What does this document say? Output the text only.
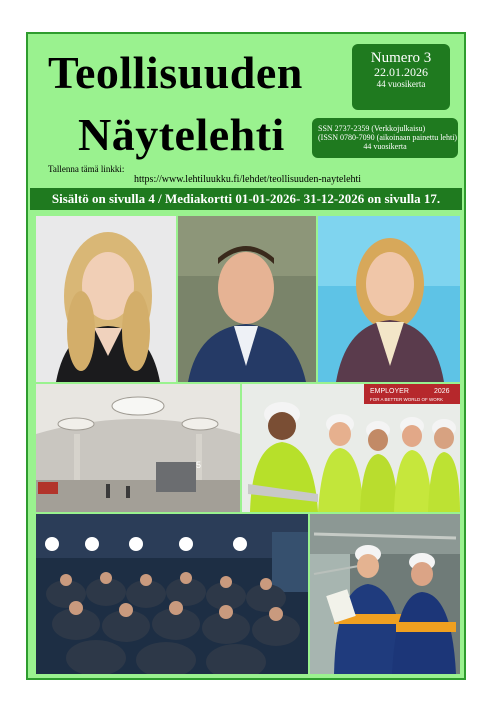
Teollisuuden
Näytelehti
Numero 3
22.01.2026
44 vuosikerta
SSN 2737-2359 (Verkkojulkaisu)
(ISSN 0780-7090 (aikoinaan painettu lehti)
44 vuosikerta
Tallenna tämä linkki:
https://www.lehtiluukku.fi/lehdet/teollisuuden-naytelehti
Sisältö on sivulla 4 / Mediakortti 01-01-2026- 31-12-2026 on sivulla 17.
5
EMPLOYER	2026
FOR A BETTER WORLD OF WORK
